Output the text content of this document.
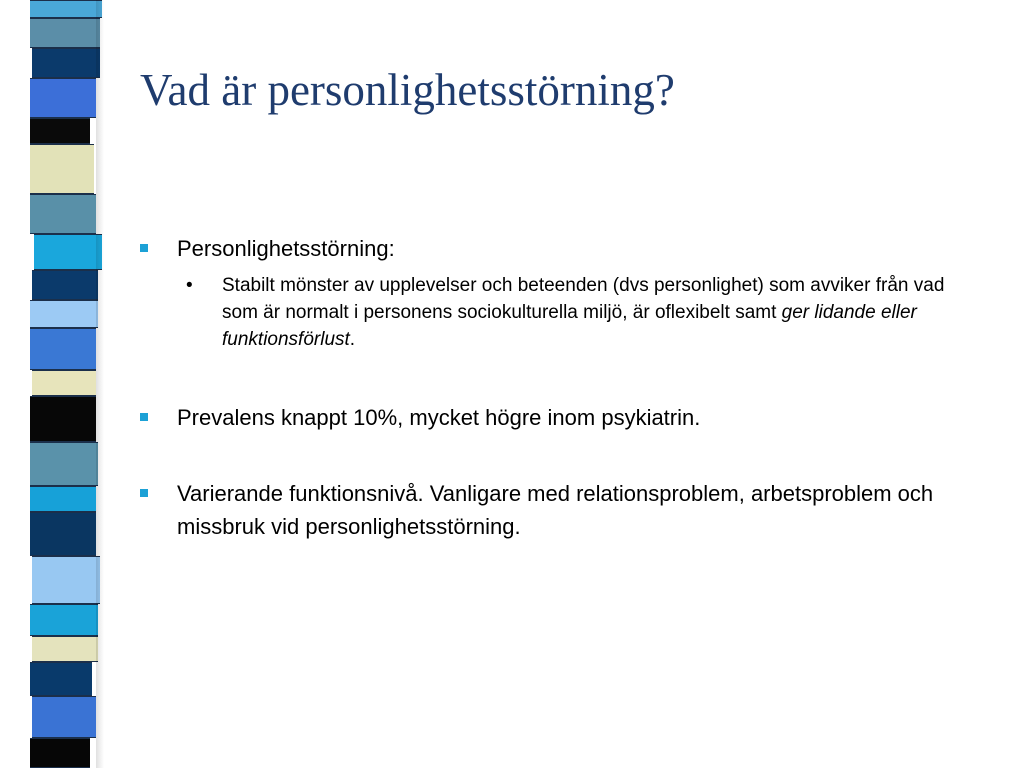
Vad är personlighetsstörning?
Personlighetsstörning:
• Stabilt mönster av upplevelser och beteenden (dvs personlighet) som avviker från vad som är normalt i personens sociokulturella miljö, är oflexibelt samt ger lidande eller funktionsförlust.
Prevalens knappt 10%, mycket högre inom psykiatrin.
Varierande funktionsnivå. Vanligare med relationsproblem, arbetsproblem och missbruk vid personlighetsstörning.
